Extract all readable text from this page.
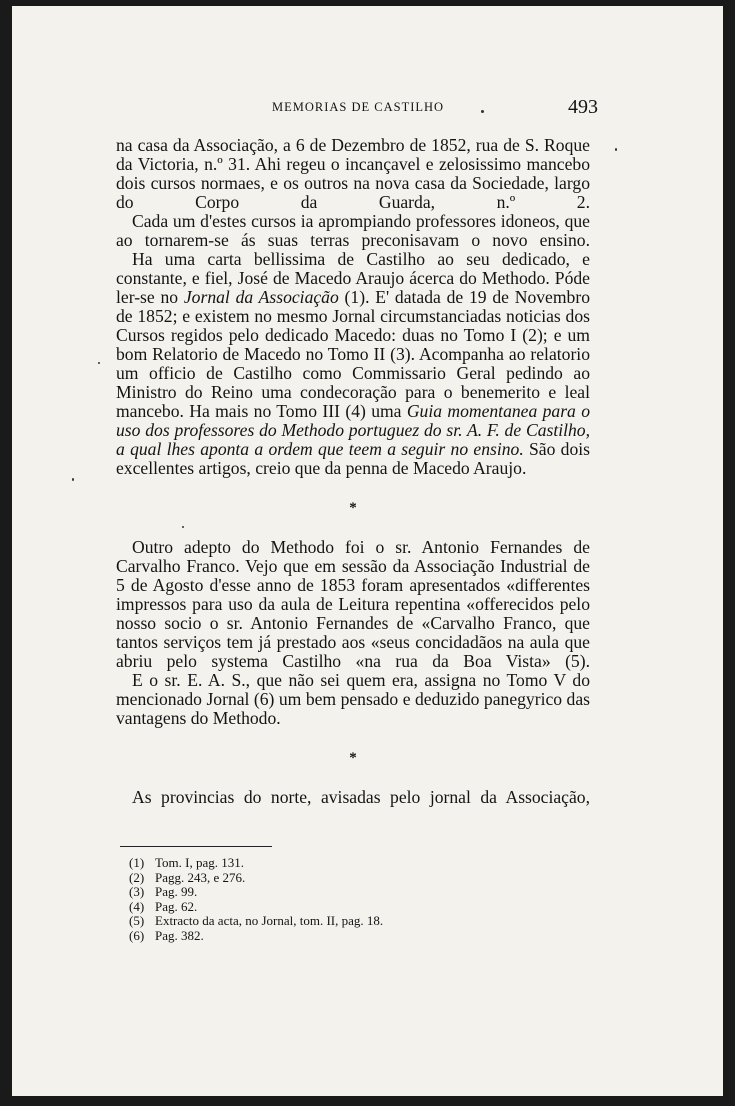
MEMORIAS DE CASTILHO	493

na casa da Associação, a 6 de Dezembro de 1852, rua de S. Roque da Victoria, n.º 31. Ahi regeu o incançavel e zelosissimo mancebo dois cursos normaes, e os outros na nova casa da Sociedade, largo do Corpo da Guarda, n.º 2.

Cada um d'estes cursos ia aprompiando professores idoneos, que ao tornarem-se ás suas terras preconisavam o novo ensino.

Ha uma carta bellissima de Castilho ao seu dedicado, e constante, e fiel, José de Macedo Araujo ácerca do Methodo. Póde ler-se no Jornal da Associação (1). E' datada de 19 de Novembro de 1852; e existem no mesmo Jornal circumstanciadas noticias dos Cursos regidos pelo dedicado Macedo: duas no Tomo I (2); e um bom Relatorio de Macedo no Tomo II (3). Acompanha ao relatorio um officio de Castilho como Commissario Geral pedindo ao Ministro do Reino uma condecoração para o benemerito e leal mancebo. Ha mais no Tomo III (4) uma Guia momentanea para o uso dos professores do Methodo portuguez do sr. A. F. de Castilho, a qual lhes aponta a ordem que teem a seguir no ensino. São dois excellentes artigos, creio que da penna de Macedo Araujo.

*

Outro adepto do Methodo foi o sr. Antonio Fernandes de Carvalho Franco. Vejo que em sessão da Associação Industrial de 5 de Agosto d'esse anno de 1853 foram apresentados «differentes impressos para uso da aula de Leitura repentina «offerecidos pelo nosso socio o sr. Antonio Fernandes de «Carvalho Franco, que tantos serviços tem já prestado aos «seus concidadãos na aula que abriu pelo systema Castilho «na rua da Boa Vista» (5).

E o sr. E. A. S., que não sei quem era, assigna no Tomo V do mencionado Jornal (6) um bem pensado e deduzido panegyrico das vantagens do Methodo.

*

As provincias do norte, avisadas pelo jornal da Associação,

(1) Tom. I, pag. 131.
(2) Pagg. 243, e 276.
(3) Pag. 99.
(4) Pag. 62.
(5) Extracto da acta, no Jornal, tom. II, pag. 18.
(6) Pag. 382.
